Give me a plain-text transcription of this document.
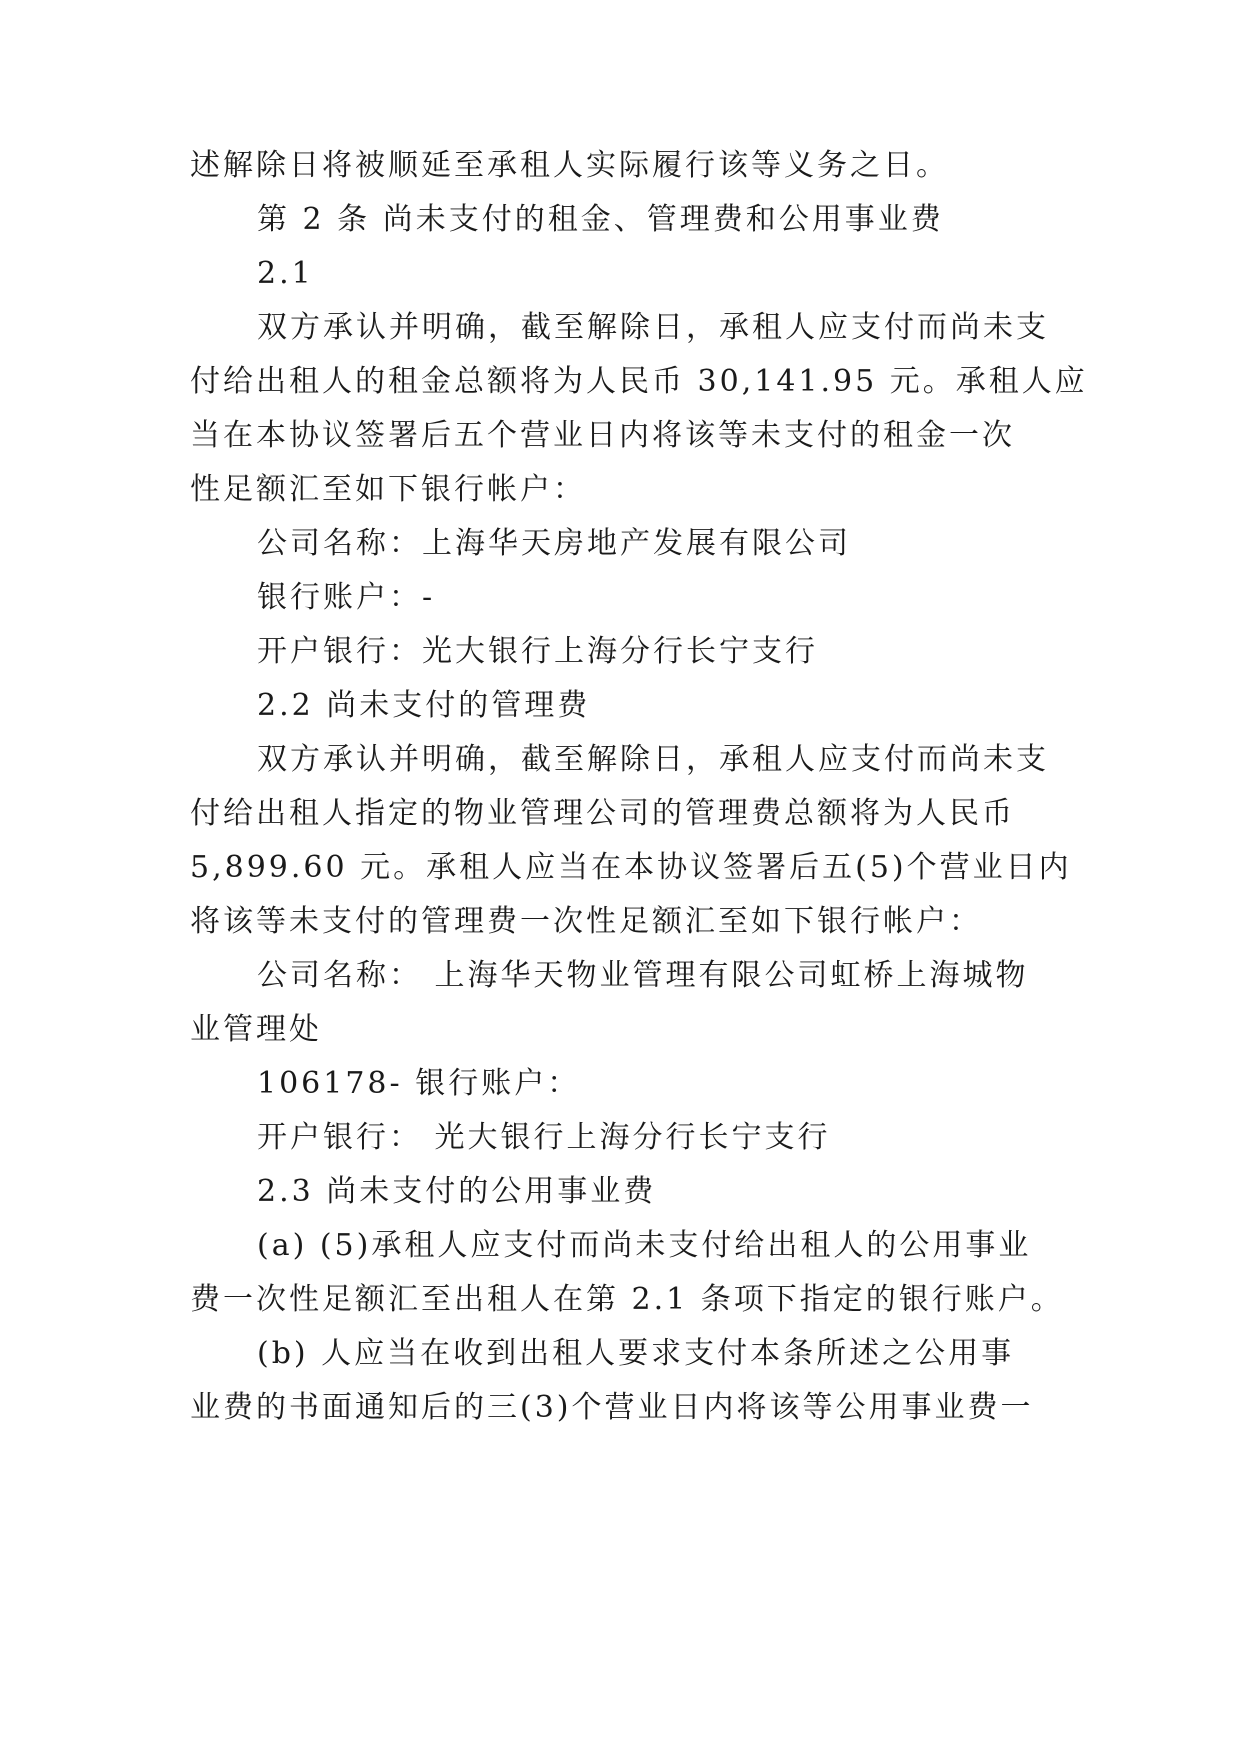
述解除日将被顺延至承租人实际履行该等义务之日。
第 2 条 尚未支付的租金、管理费和公用事业费
2.1
双方承认并明确，截至解除日，承租人应支付而尚未支
付给出租人的租金总额将为人民币 30,141.95 元。承租人应
当在本协议签署后五个营业日内将该等未支付的租金一次
性足额汇至如下银行帐户：
公司名称：上海华天房地产发展有限公司
银行账户：-
开户银行：光大银行上海分行长宁支行
2.2 尚未支付的管理费
双方承认并明确，截至解除日，承租人应支付而尚未支
付给出租人指定的物业管理公司的管理费总额将为人民币
5,899.60 元。承租人应当在本协议签署后五(5)个营业日内
将该等未支付的管理费一次性足额汇至如下银行帐户：
公司名称： 上海华天物业管理有限公司虹桥上海城物
业管理处
106178- 银行账户：
开户银行： 光大银行上海分行长宁支行
2.3 尚未支付的公用事业费
(a) (5)承租人应支付而尚未支付给出租人的公用事业
费一次性足额汇至出租人在第 2.1 条项下指定的银行账户。
(b) 人应当在收到出租人要求支付本条所述之公用事
业费的书面通知后的三(3)个营业日内将该等公用事业费一
